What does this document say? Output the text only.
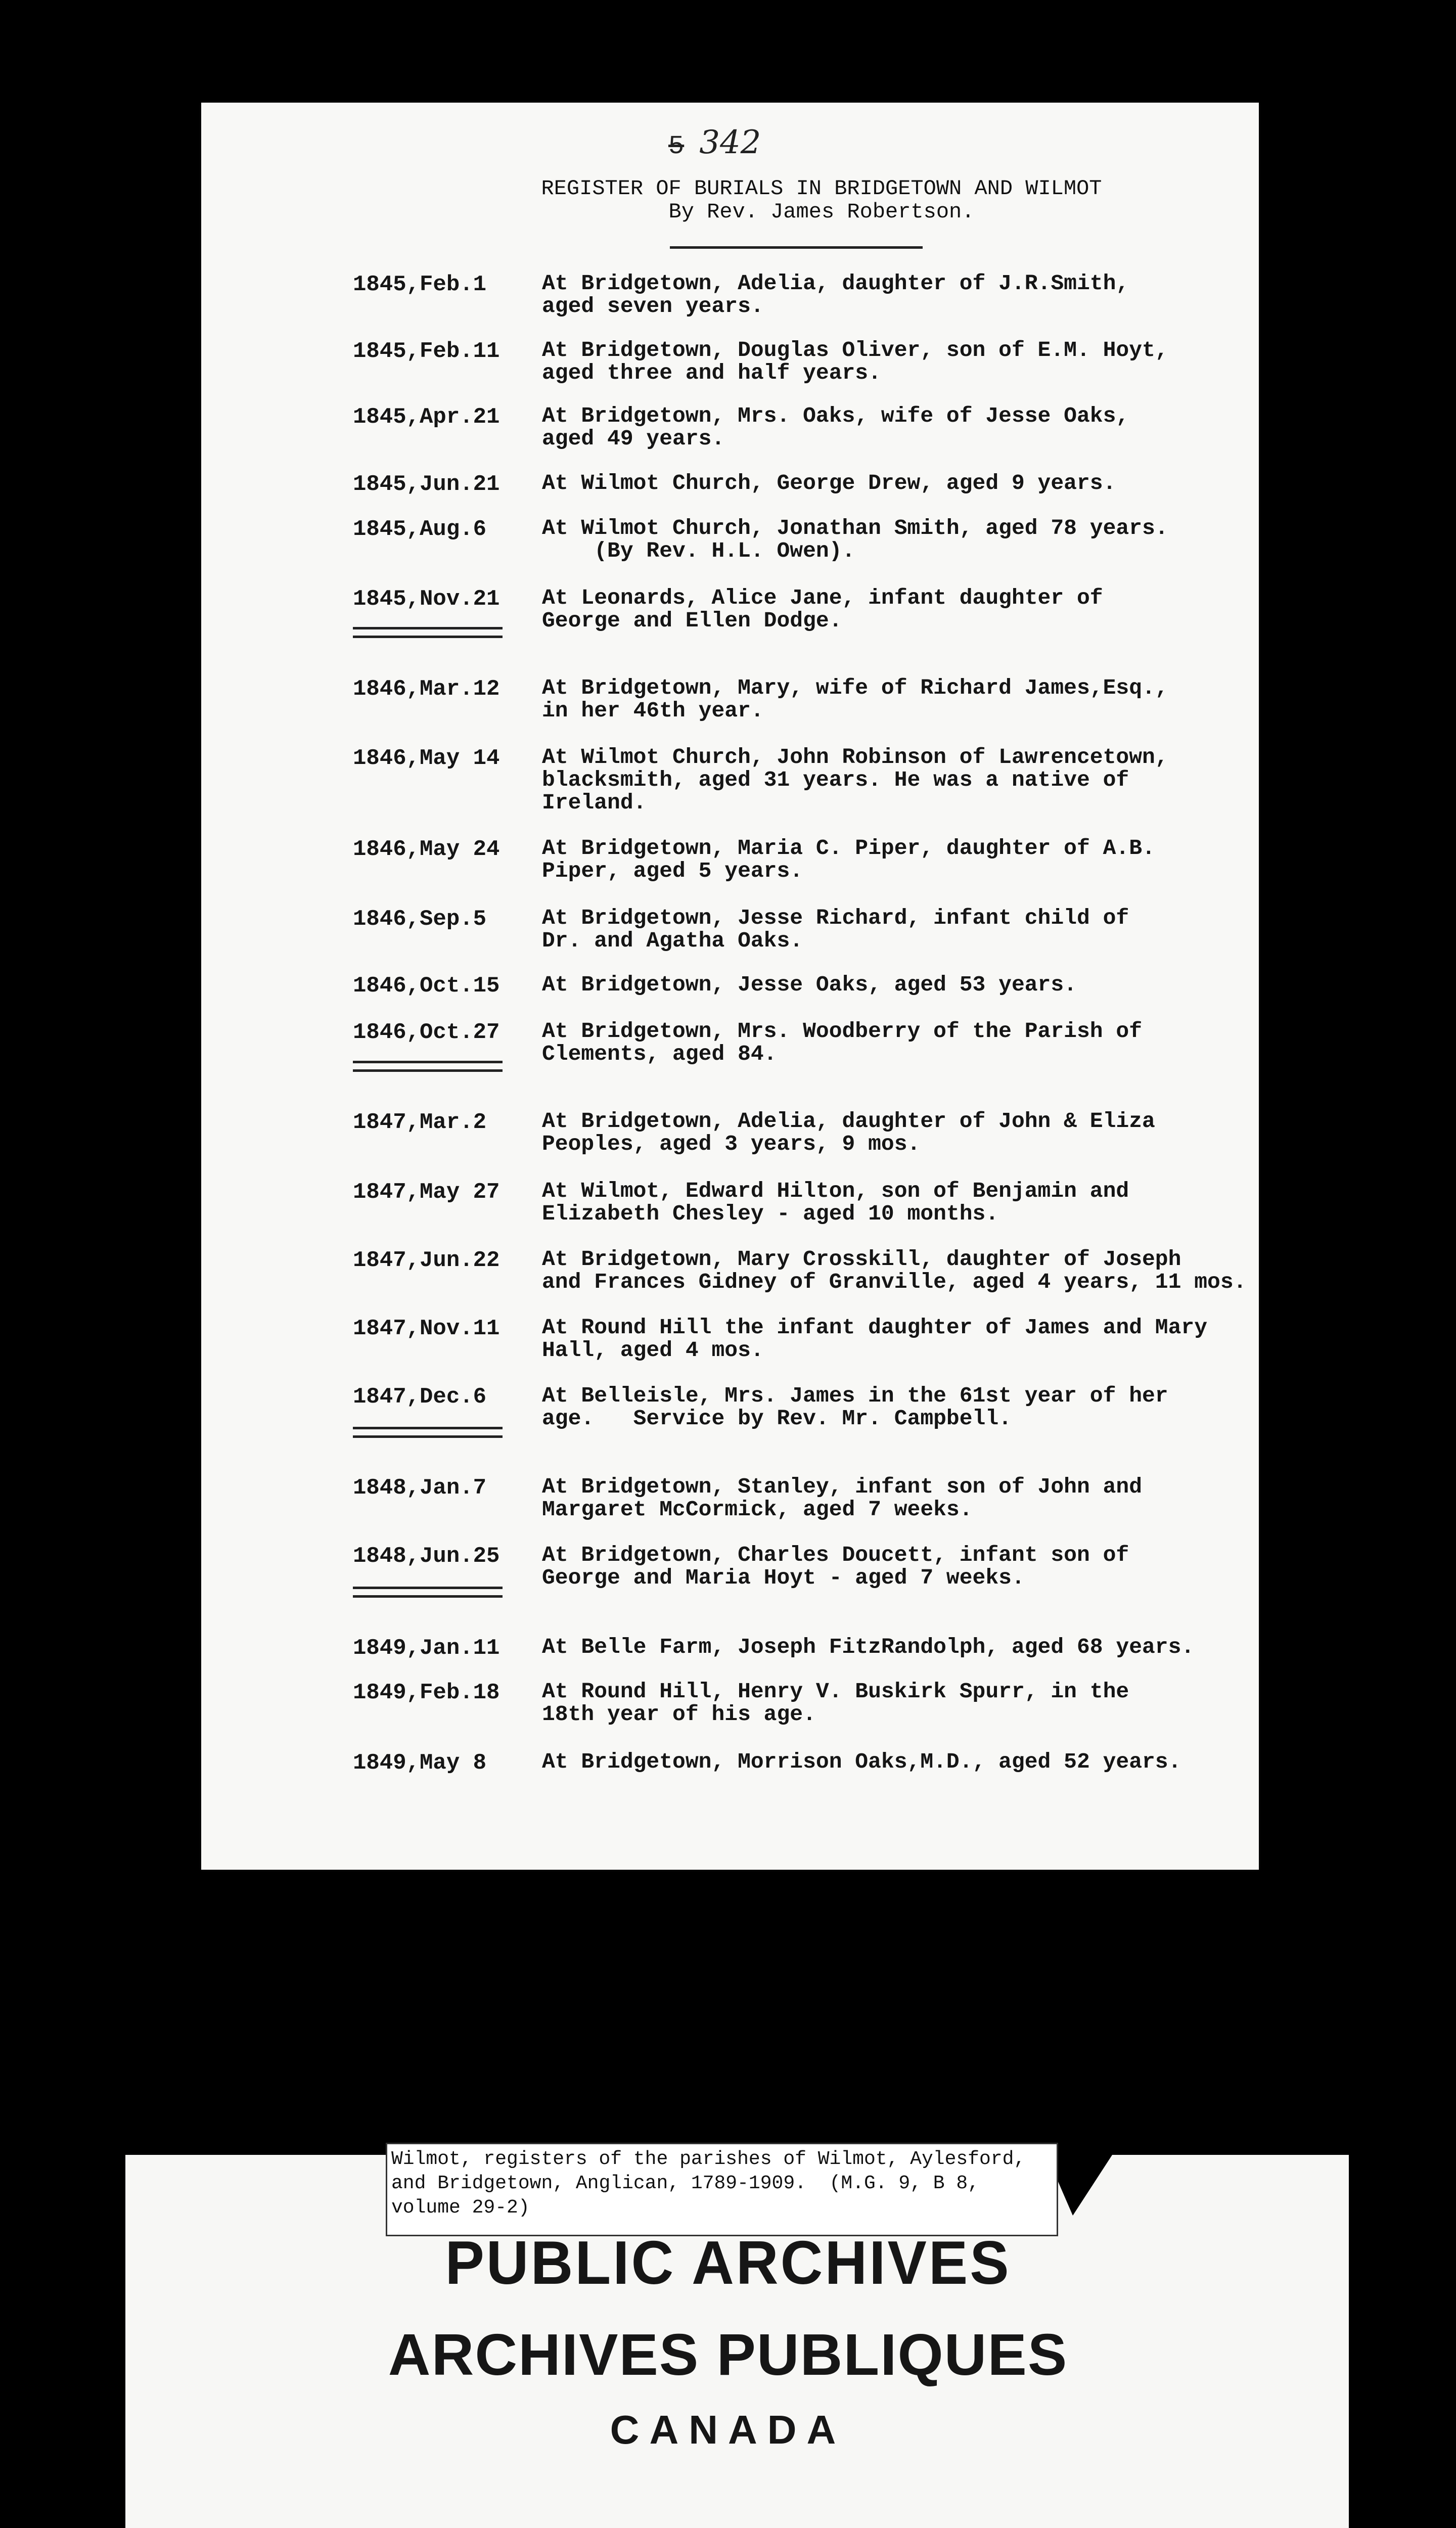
5 342
REGISTER OF BURIALS IN BRIDGETOWN AND WILMOT
By Rev. James Robertson.
1845,Feb.1	At Bridgetown, Adelia, daughter of J.R.Smith,
aged seven years.
1845,Feb.11 At Bridgetown, Douglas Oliver, son of E.M. Hoyt,
aged three and half years.
1845,Apr.21 At Bridgetown, Mrs. Oaks, wife of Jesse Oaks,
aged 49 years.
1845,Jun.21 At Wilmot Church, George Drew, aged 9 years.
1845,Aug.6	At Wilmot Church, Jonathan Smith, aged 78 years.
(By Rev. H.L. Owen).
1845,Nov.21 At Leonards, Alice Jane, infant daughter of
George and Ellen Dodge.
1846,Mar.12 At Bridgetown, Mary, wife of Richard James,Esq.,
in her 46th year.
1846,May 14 At Wilmot Church, John Robinson of Lawrencetown,
blacksmith, aged 31 years. He was a native of
Ireland.
1846,May 24 At Bridgetown, Maria C. Piper, daughter of A.B.
Piper, aged 5 years.
1846,Sep.5	At Bridgetown, Jesse Richard, infant child of
Dr. and Agatha Oaks.
1846,Oct.15 At Bridgetown, Jesse Oaks, aged 53 years.
1846,Oct.27 At Bridgetown, Mrs. Woodberry of the Parish of
Clements, aged 84.
1847,Mar.2	At Bridgetown, Adelia, daughter of John & Eliza
Peoples, aged 3 years, 9 mos.
1847,May 27 At Wilmot, Edward Hilton, son of Benjamin and
Elizabeth Chesley - aged 10 months.
1847,Jun.22 At Bridgetown, Mary Crosskill, daughter of Joseph
and Frances Gidney of Granville, aged 4 years, 11 mos.
1847,Nov.11 At Round Hill the infant daughter of James and Mary
Hall, aged 4 mos.
1847,Dec.6	At Belleisle, Mrs. James in the 61st year of her
age.   Service by Rev. Mr. Campbell.
1848,Jan.7	At Bridgetown, Stanley, infant son of John and
Margaret McCormick, aged 7 weeks.
1848,Jun.25 At Bridgetown, Charles Doucett, infant son of
George and Maria Hoyt - aged 7 weeks.
1849,Jan.11 At Belle Farm, Joseph FitzRandolph, aged 68 years.
1849,Feb.18 At Round Hill, Henry V. Buskirk Spurr, in the
18th year of his age.
1849,May 8	At Bridgetown, Morrison Oaks,M.D., aged 52 years.
Wilmot, registers of the parishes of Wilmot, Aylesford,
and Bridgetown, Anglican, 1789-1909.  (M.G. 9, B 8,
volume 29-2)
PUBLIC ARCHIVES
ARCHIVES PUBLIQUES
CANADA
